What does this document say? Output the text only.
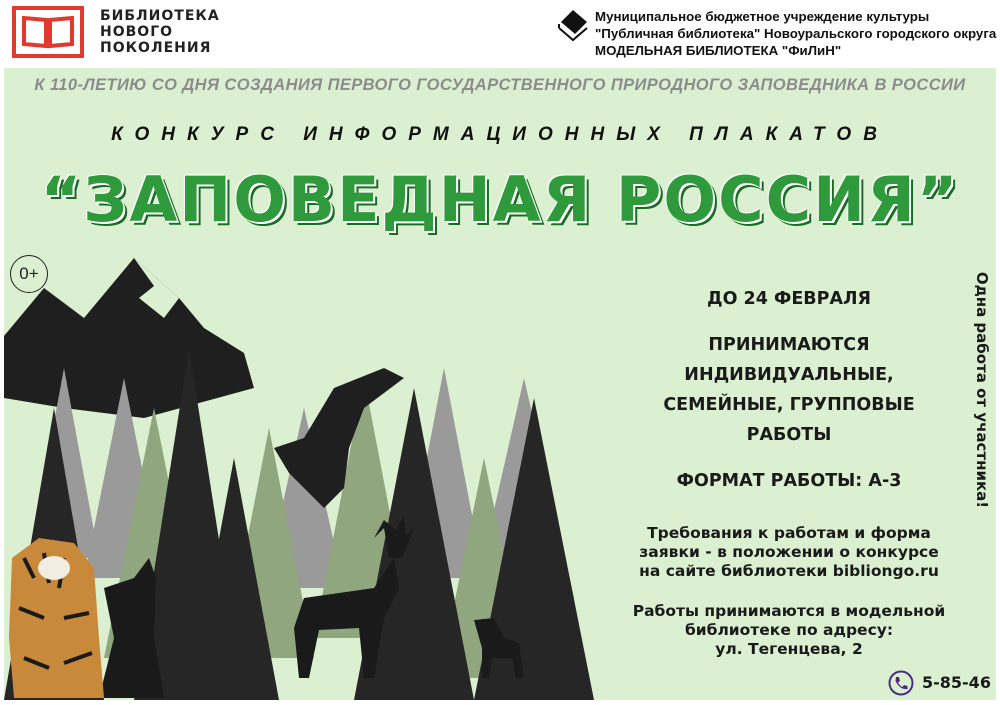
БИБЛИОТЕКА
НОВОГО
ПОКОЛЕНИЯ
Муниципальное бюджетное учреждение культуры
"Публичная библиотека" Новоуральского городского округа
МОДЕЛЬНАЯ БИБЛИОТЕКА "ФиЛиН"
К 110-ЛЕТИЮ СО ДНЯ СОЗДАНИЯ ПЕРВОГО ГОСУДАРСТВЕННОГО ПРИРОДНОГО ЗАПОВЕДНИКА В РОССИИ
КОНКУРС ИНФОРМАЦИОННЫХ ПЛАКАТОВ
“ЗАПОВЕДНАЯ РОССИЯ”
0+
ДО 24 ФЕВРАЛЯ
ПРИНИМАЮТСЯ
ИНДИВИДУАЛЬНЫЕ,
СЕМЕЙНЫЕ, ГРУППОВЫЕ
РАБОТЫ
ФОРМАТ РАБОТЫ: А-3
Требования к работам и форма
заявки - в положении о конкурсе
на сайте библиотеки bibliongo.ru
Работы принимаются в модельной
библиотеке по адресу:
ул. Тегенцева, 2
Одна работа от участника!
5-85-46
